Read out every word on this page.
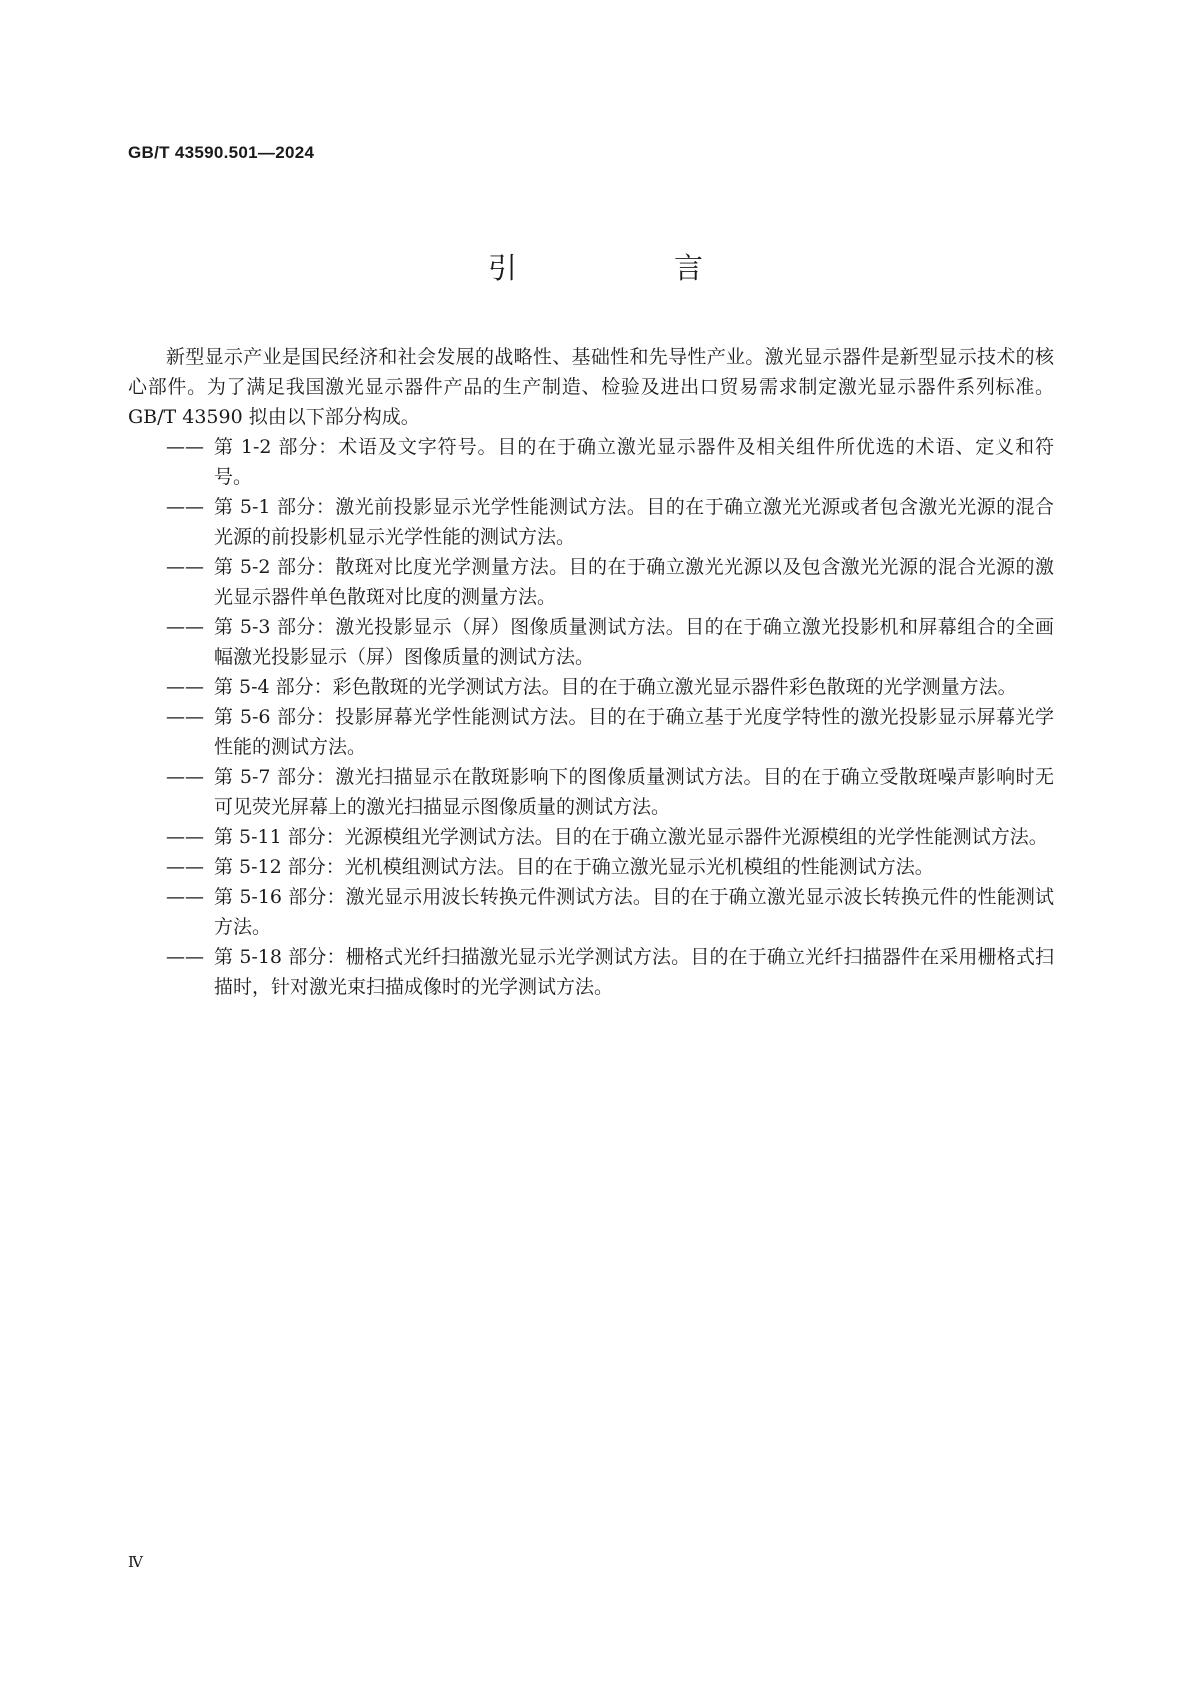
GB/T 43590.501—2024
引　言

新型显示产业是国民经济和社会发展的战略性、基础性和先导性产业。激光显示器件是新型显示技术的核心部件。为了满足我国激光显示器件产品的生产制造、检验及进出口贸易需求制定激光显示器件系列标准。GB/T 43590 拟由以下部分构成。

—— 第 1-2 部分：术语及文字符号。目的在于确立激光显示器件及相关组件所优选的术语、定义和符号。
—— 第 5-1 部分：激光前投影显示光学性能测试方法。目的在于确立激光光源或者包含激光光源的混合光源的前投影机显示光学性能的测试方法。
—— 第 5-2 部分：散斑对比度光学测量方法。目的在于确立激光光源以及包含激光光源的混合光源的激光显示器件单色散斑对比度的测量方法。
—— 第 5-3 部分：激光投影显示（屏）图像质量测试方法。目的在于确立激光投影机和屏幕组合的全画幅激光投影显示（屏）图像质量的测试方法。
—— 第 5-4 部分：彩色散斑的光学测试方法。目的在于确立激光显示器件彩色散斑的光学测量方法。
—— 第 5-6 部分：投影屏幕光学性能测试方法。目的在于确立基于光度学特性的激光投影显示屏幕光学性能的测试方法。
—— 第 5-7 部分：激光扫描显示在散斑影响下的图像质量测试方法。目的在于确立受散斑噪声影响时无可见荧光屏幕上的激光扫描显示图像质量的测试方法。
—— 第 5-11 部分：光源模组光学测试方法。目的在于确立激光显示器件光源模组的光学性能测试方法。
—— 第 5-12 部分：光机模组测试方法。目的在于确立激光显示光机模组的性能测试方法。
—— 第 5-16 部分：激光显示用波长转换元件测试方法。目的在于确立激光显示波长转换元件的性能测试方法。
—— 第 5-18 部分：栅格式光纤扫描激光显示光学测试方法。目的在于确立光纤扫描器件在采用栅格式扫描时，针对激光束扫描成像时的光学测试方法。
Ⅳ
